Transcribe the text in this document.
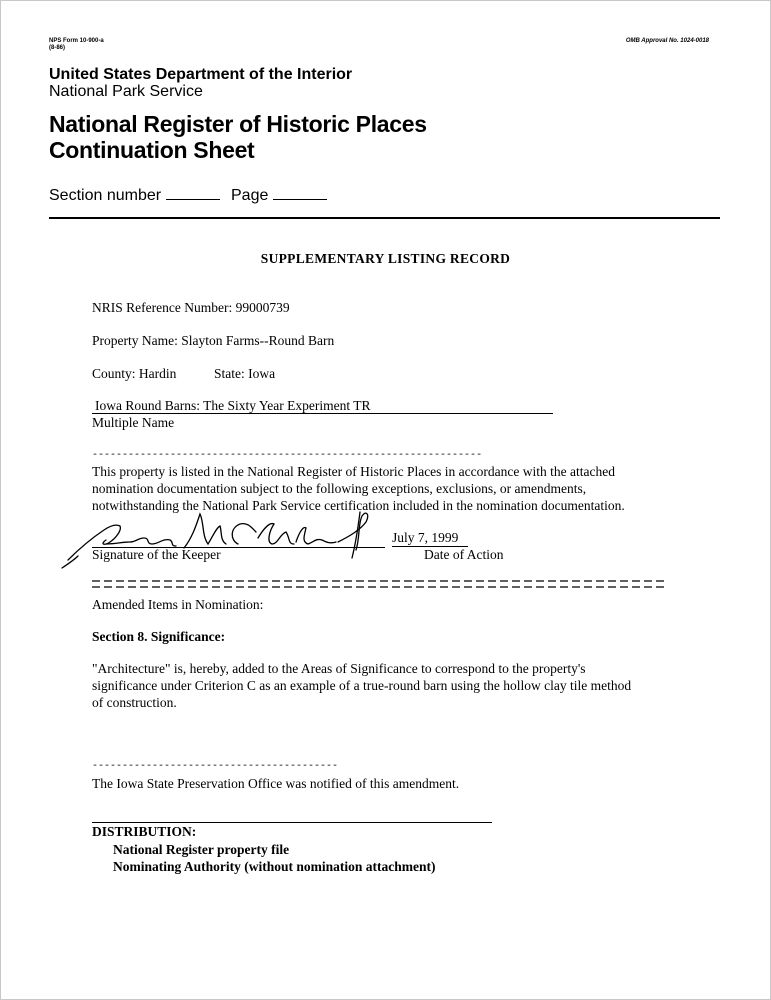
NPS Form 10-900-a
(8-86)
OMB Approval No. 1024-0018
United States Department of the Interior
National Park Service
National Register of Historic Places
Continuation Sheet
Section number	Page
SUPPLEMENTARY LISTING RECORD
NRIS Reference Number: 99000739
Property Name: Slayton Farms--Round Barn
County: Hardin	State: Iowa
Iowa Round Barns: The Sixty Year Experiment TR
Multiple Name
-----------------------------------------------------------------
This property is listed in the National Register of Historic Places in accordance with the attached
nomination documentation subject to the following exceptions, exclusions, or amendments,
notwithstanding the National Park Service certification included in the nomination documentation.
Signature of the Keeper
July 7, 1999
Date of Action
Amended Items in Nomination:
Section 8. Significance:
"Architecture" is, hereby, added to the Areas of Significance to correspond to the property's
significance under Criterion C as an example of a true-round barn using the hollow clay tile method
of construction.
-----------------------------------------
The Iowa State Preservation Office was notified of this amendment.
DISTRIBUTION:
National Register property file
Nominating Authority (without nomination attachment)
